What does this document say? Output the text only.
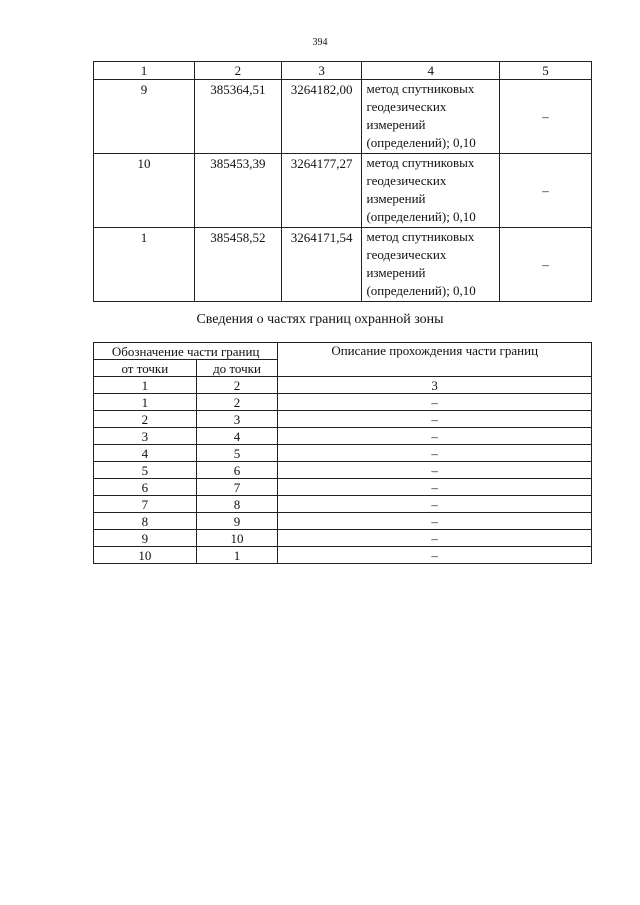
394
1	2	3	4	5
9	385364,51	3264182,00	метод спутниковых геодезических измерений (определений); 0,10	–
10	385453,39	3264177,27	метод спутниковых геодезических измерений (определений); 0,10	–
1	385458,52	3264171,54	метод спутниковых геодезических измерений (определений); 0,10	–
Сведения о частях границ охранной зоны
Обозначение части границ		Описание прохождения части границ
от точки	до точки	
1	2	3
1	2	–
2	3	–
3	4	–
4	5	–
5	6	–
6	7	–
7	8	–
8	9	–
9	10	–
10	1	–
